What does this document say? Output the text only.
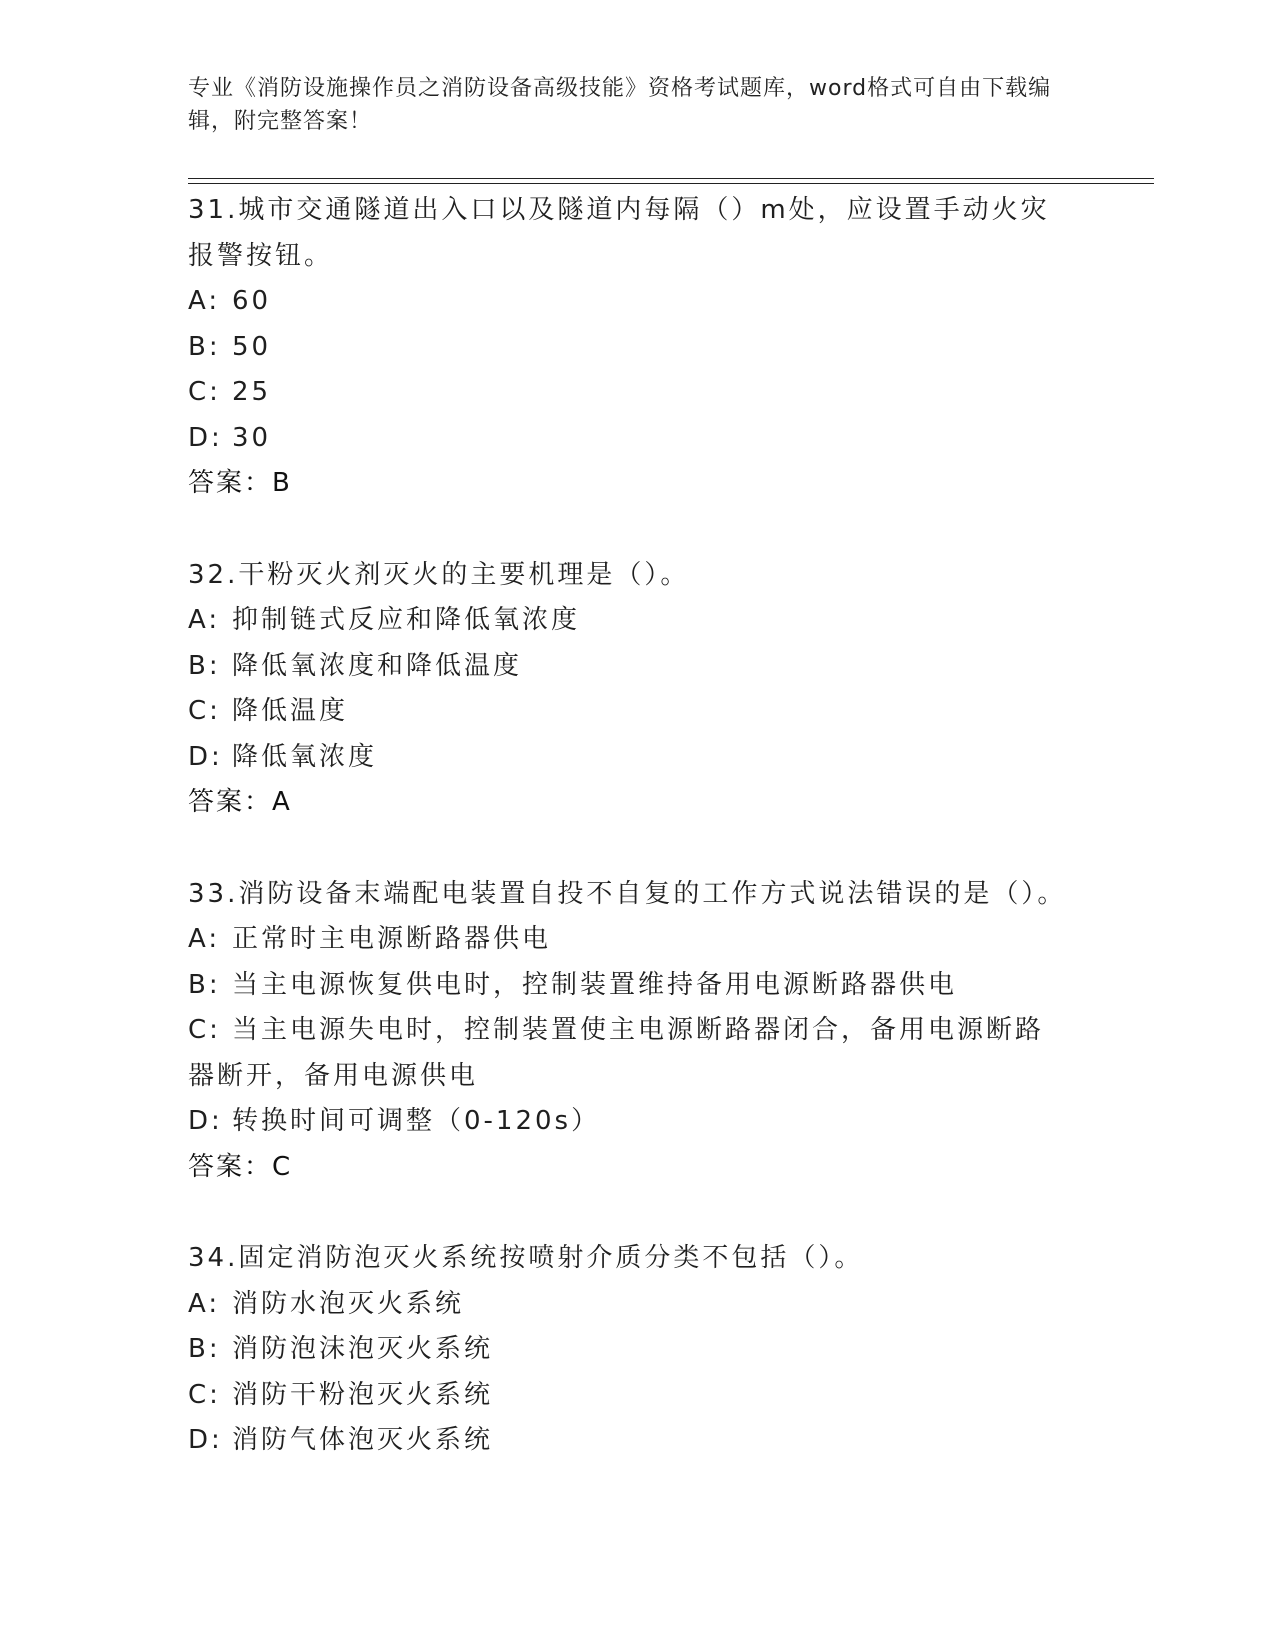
专业《消防设施操作员之消防设备高级技能》资格考试题库，word格式可自由下载编辑，附完整答案！
31.城市交通隧道出入口以及隧道内每隔（）m处，应设置手动火灾报警按钮。
A: 60
B: 50
C: 25
D: 30
答案：B
32.干粉灭火剂灭火的主要机理是（）。
A: 抑制链式反应和降低氧浓度
B: 降低氧浓度和降低温度
C: 降低温度
D: 降低氧浓度
答案：A
33.消防设备末端配电装置自投不自复的工作方式说法错误的是（）。
A: 正常时主电源断路器供电
B: 当主电源恢复供电时，控制装置维持备用电源断路器供电
C: 当主电源失电时，控制装置使主电源断路器闭合，备用电源断路器断开，备用电源供电
D: 转换时间可调整（0-120s）
答案：C
34.固定消防泡灭火系统按喷射介质分类不包括（）。
A: 消防水泡灭火系统
B: 消防泡沫泡灭火系统
C: 消防干粉泡灭火系统
D: 消防气体泡灭火系统
